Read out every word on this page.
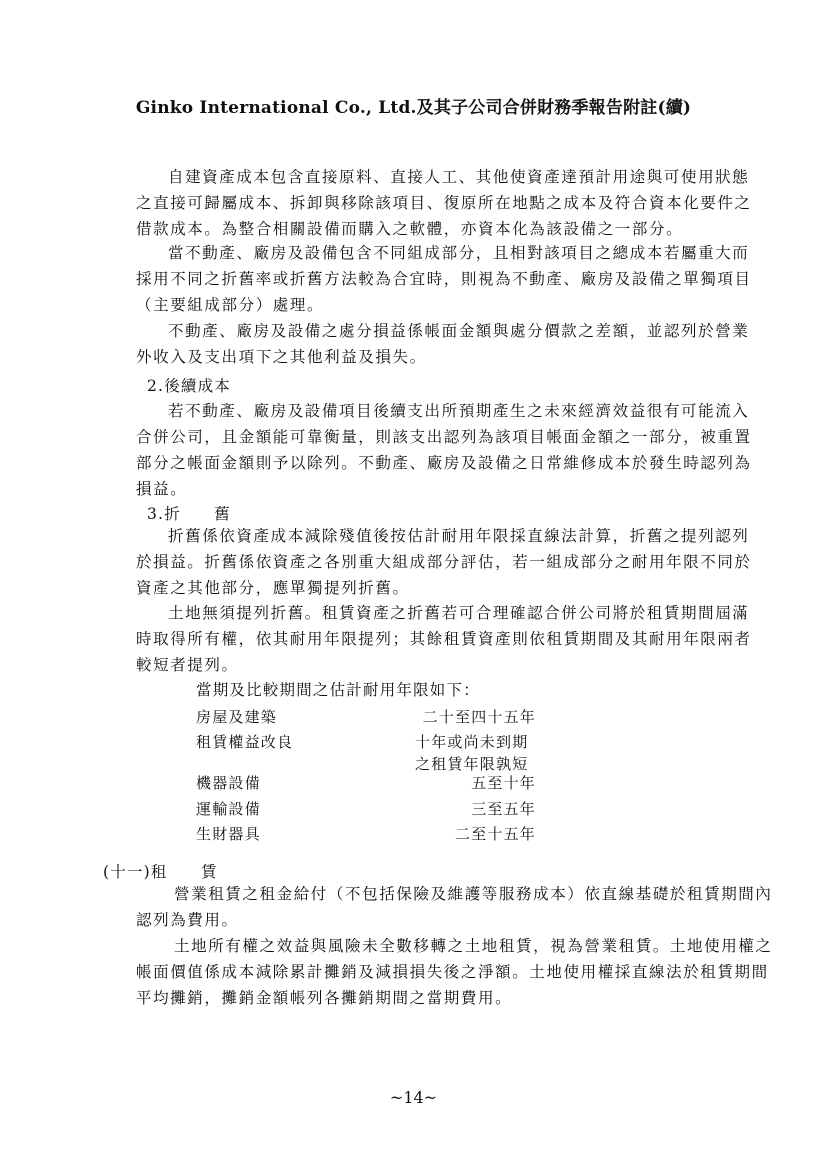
Ginko International Co., Ltd.及其子公司合併財務季報告附註(續)
自建資產成本包含直接原料、直接人工、其他使資產達預計用途與可使用狀態
之直接可歸屬成本、拆卸與移除該項目、復原所在地點之成本及符合資本化要件之
借款成本。為整合相關設備而購入之軟體，亦資本化為該設備之一部分。
當不動產、廠房及設備包含不同組成部分，且相對該項目之總成本若屬重大而
採用不同之折舊率或折舊方法較為合宜時，則視為不動產、廠房及設備之單獨項目
（主要組成部分）處理。
不動產、廠房及設備之處分損益係帳面金額與處分價款之差額，並認列於營業
外收入及支出項下之其他利益及損失。
2.後續成本
若不動產、廠房及設備項目後續支出所預期產生之未來經濟效益很有可能流入
合併公司，且金額能可靠衡量，則該支出認列為該項目帳面金額之一部分，被重置
部分之帳面金額則予以除列。不動產、廠房及設備之日常維修成本於發生時認列為
損益。
3.折　　舊
折舊係依資產成本減除殘值後按估計耐用年限採直線法計算，折舊之提列認列
於損益。折舊係依資產之各別重大組成部分評估，若一組成部分之耐用年限不同於
資產之其他部分，應單獨提列折舊。
土地無須提列折舊。租賃資產之折舊若可合理確認合併公司將於租賃期間屆滿
時取得所有權，依其耐用年限提列；其餘租賃資產則依租賃期間及其耐用年限兩者
較短者提列。
當期及比較期間之估計耐用年限如下：
房屋及建築	二十至四十五年
租賃權益改良	十年或尚未到期
之租賃年限孰短
機器設備	五至十年
運輸設備	三至五年
生財器具	二至十五年
(十一)租　　賃
營業租賃之租金給付（不包括保險及維護等服務成本）依直線基礎於租賃期間內
認列為費用。
土地所有權之效益與風險未全數移轉之土地租賃，視為營業租賃。土地使用權之
帳面價值係成本減除累計攤銷及減損損失後之淨額。土地使用權採直線法於租賃期間
平均攤銷，攤銷金額帳列各攤銷期間之當期費用。
~14~
